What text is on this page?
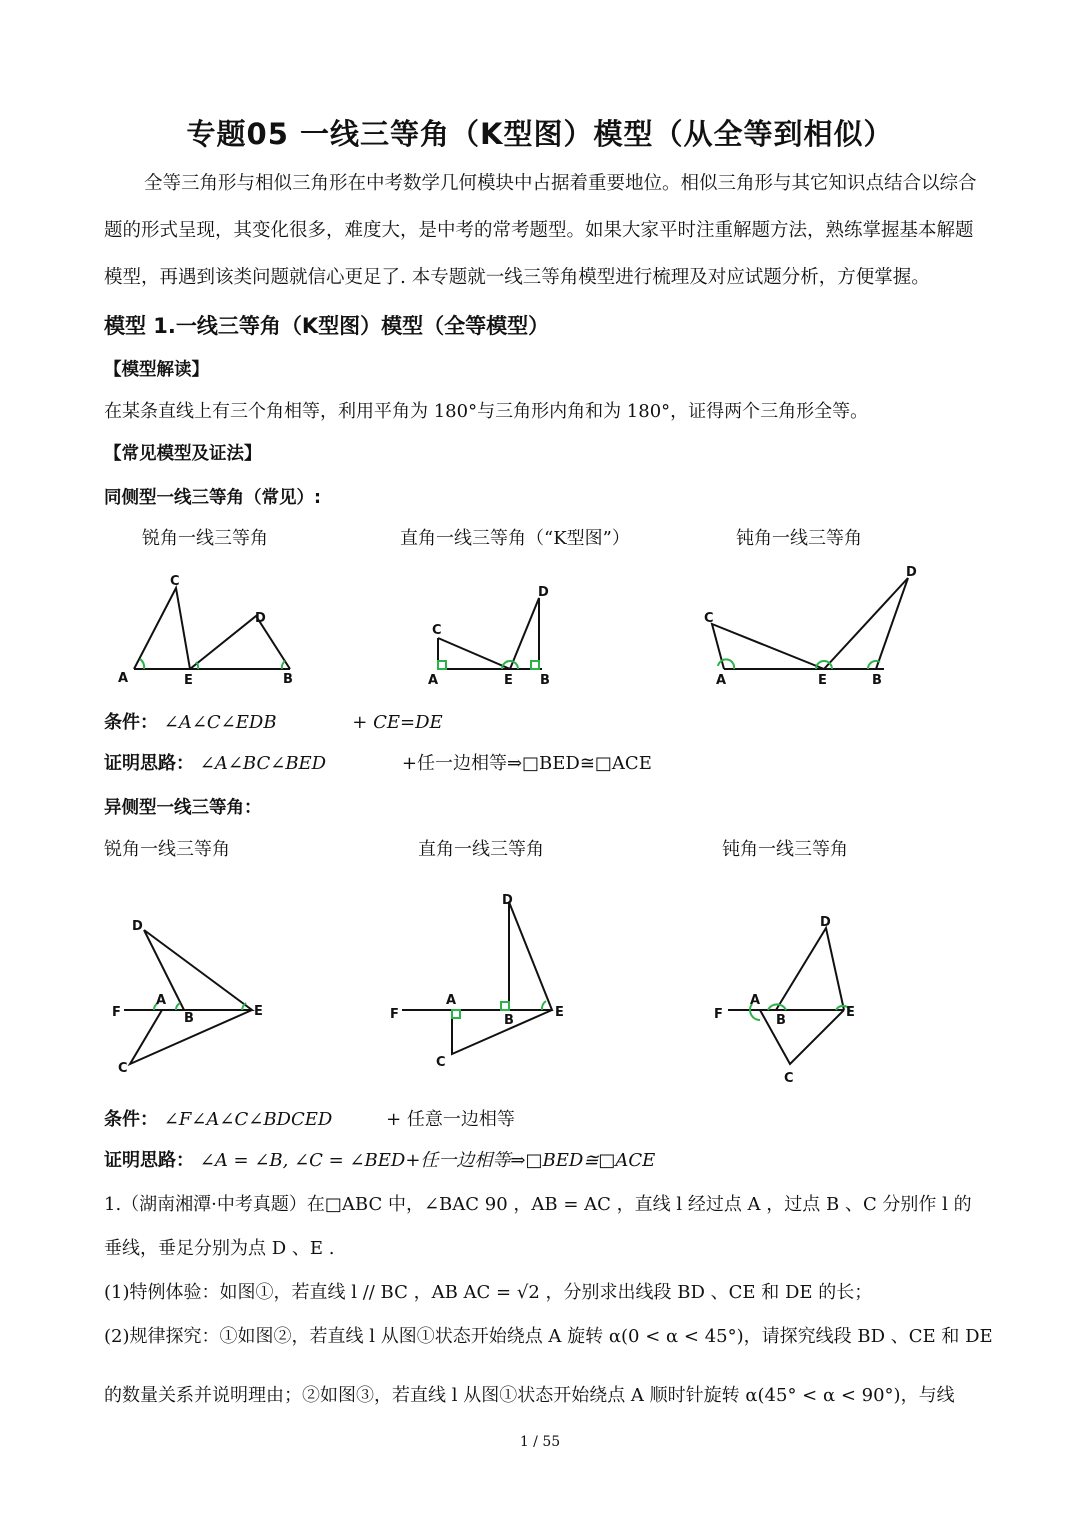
专题05 一线三等角（K型图）模型（从全等到相似）
全等三角形与相似三角形在中考数学几何模块中占据着重要地位。相似三角形与其它知识点结合以综合题的形式呈现，其变化很多，难度大，是中考的常考题型。如果大家平时注重解题方法，熟练掌握基本解题模型，再遇到该类问题就信心更足了. 本专题就一线三等角模型进行梳理及对应试题分析，方便掌握。
模型 1.一线三等角（K型图）模型（全等模型）
【模型解读】
在某条直线上有三个角相等，利用平角为 180°与三角形内角和为 180°，证得两个三角形全等。
【常见模型及证法】
同侧型一线三等角（常见）:
锐角一线三等角	直角一线三等角（“K型图”）	钝角一线三等角
A
C
E
D
B
C
A	E
D
B
C
A	E	B
D
条件： ∠A∠C∠EDB	+ CE=DE
证明思路： ∠A∠BC∠BED	+任一边相等⇒□BED≅□ACE
异侧型一线三等角：
锐角一线三等角	直角一线三等角	钝角一线三等角
D
F
A
B	E
C
D
F
A
B
E
C
D
F
A
B
E
C
条件： ∠F∠A∠C∠BDCED	+ 任意一边相等
证明思路： ∠A = ∠B, ∠C = ∠BED+任一边相等⇒□BED≅□ACE
1.（湖南湘潭·中考真题）在□ABC 中，∠BAC 90 ，AB = AC ，直线 l 经过点 A ，过点 B 、C 分别作 l 的
垂线，垂足分别为点 D 、E .
(1)特例体验：如图①，若直线 l // BC ，AB AC = √2 ，分别求出线段 BD 、CE 和 DE 的长；
(2)规律探究：①如图②，若直线 l 从图①状态开始绕点 A 旋转 α(0 < α < 45°)，请探究线段 BD 、CE 和 DE
的数量关系并说明理由；②如图③，若直线 l 从图①状态开始绕点 A 顺时针旋转 α(45° < α < 90°)，与线
1 / 55
